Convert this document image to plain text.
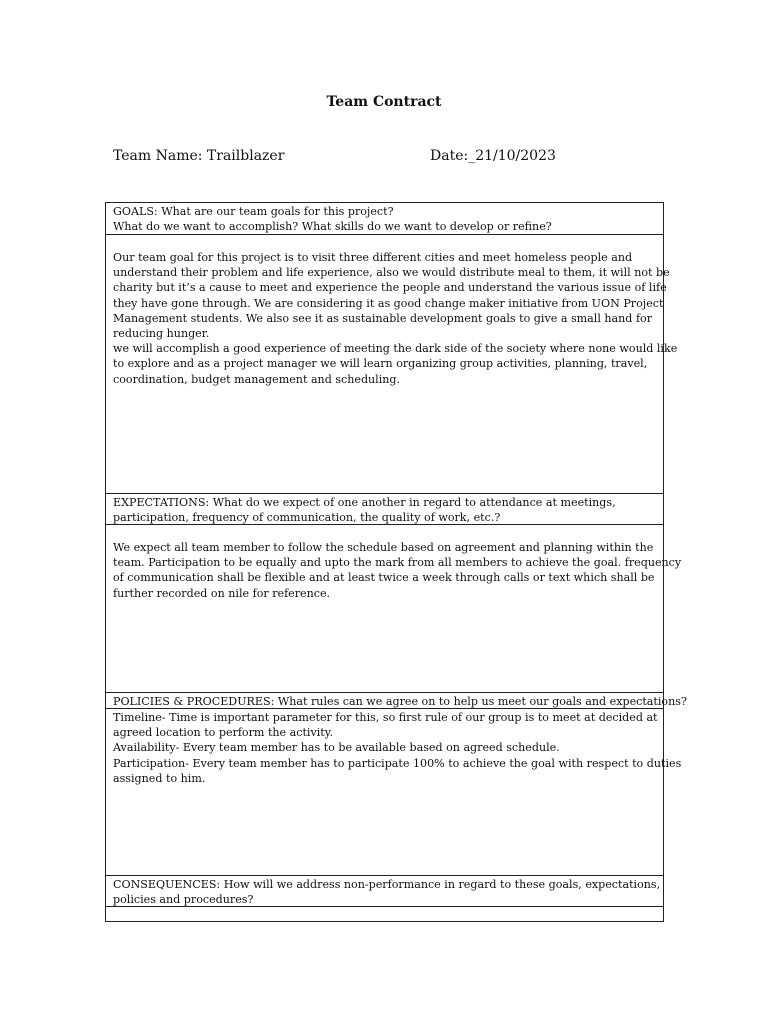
Team Contract
Team Name: Trailblazer	Date:_21/10/2023
GOALS: What are our team goals for this project?
What do we want to accomplish? What skills do we want to develop or refine?
Our team goal for this project is to visit three different cities and meet homeless people and
understand their problem and life experience, also we would distribute meal to them, it will not be
charity but it’s a cause to meet and experience the people and understand the various issue of life
they have gone through. We are considering it as good change maker initiative from UON Project
Management students. We also see it as sustainable development goals to give a small hand for
reducing hunger.
we will accomplish a good experience of meeting the dark side of the society where none would like
to explore and as a project manager we will learn organizing group activities, planning, travel,
coordination, budget management and scheduling.
EXPECTATIONS: What do we expect of one another in regard to attendance at meetings,
participation, frequency of communication, the quality of work, etc.?
We expect all team member to follow the schedule based on agreement and planning within the
team. Participation to be equally and upto the mark from all members to achieve the goal. frequency
of communication shall be flexible and at least twice a week through calls or text which shall be
further recorded on nile for reference.
POLICIES & PROCEDURES: What rules can we agree on to help us meet our goals and expectations?
Timeline- Time is important parameter for this, so first rule of our group is to meet at decided at
agreed location to perform the activity.
Availability- Every team member has to be available based on agreed schedule.
Participation- Every team member has to participate 100% to achieve the goal with respect to duties
assigned to him.
CONSEQUENCES: How will we address non-performance in regard to these goals, expectations,
policies and procedures?
